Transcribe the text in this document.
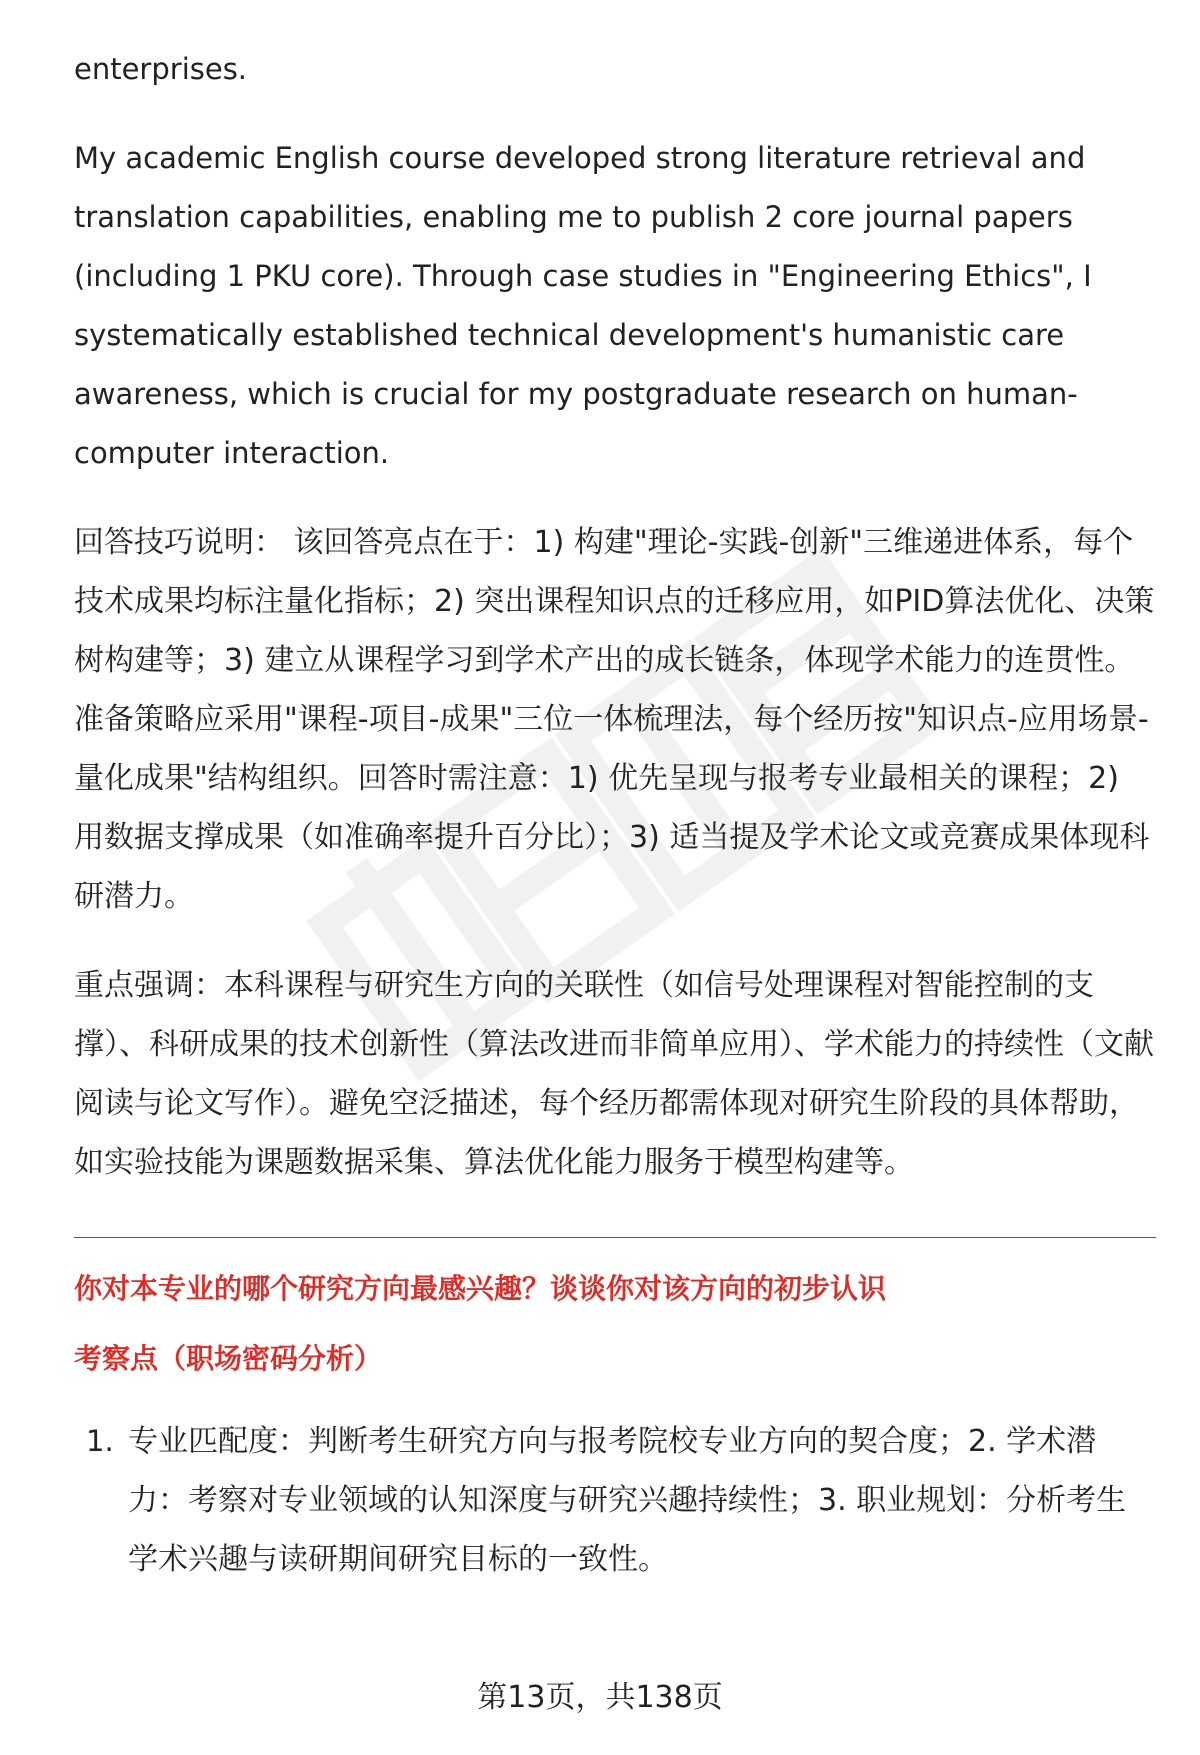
enterprises.

My academic English course developed strong literature retrieval and translation capabilities, enabling me to publish 2 core journal papers (including 1 PKU core). Through case studies in "Engineering Ethics", I systematically established technical development's humanistic care awareness, which is crucial for my postgraduate research on human-computer interaction.

回答技巧说明： 该回答亮点在于：1) 构建"理论-实践-创新"三维递进体系，每个技术成果均标注量化指标；2) 突出课程知识点的迁移应用，如PID算法优化、决策树构建等；3) 建立从课程学习到学术产出的成长链条，体现学术能力的连贯性。准备策略应采用"课程-项目-成果"三位一体梳理法，每个经历按"知识点-应用场景-量化成果"结构组织。回答时需注意：1) 优先呈现与报考专业最相关的课程；2) 用数据支撑成果（如准确率提升百分比）；3) 适当提及学术论文或竞赛成果体现科研潜力。

重点强调：本科课程与研究生方向的关联性（如信号处理课程对智能控制的支撑）、科研成果的技术创新性（算法改进而非简单应用）、学术能力的持续性（文献阅读与论文写作）。避免空泛描述，每个经历都需体现对研究生阶段的具体帮助，如实验技能为课题数据采集、算法优化能力服务于模型构建等。

你对本专业的哪个研究方向最感兴趣？谈谈你对该方向的初步认识
考察点（职场密码分析）
1. 专业匹配度：判断考生研究方向与报考院校专业方向的契合度；2. 学术潜力：考察对专业领域的认知深度与研究兴趣持续性；3. 职业规划：分析考生学术兴趣与读研期间研究目标的一致性。
第13页，共138页
